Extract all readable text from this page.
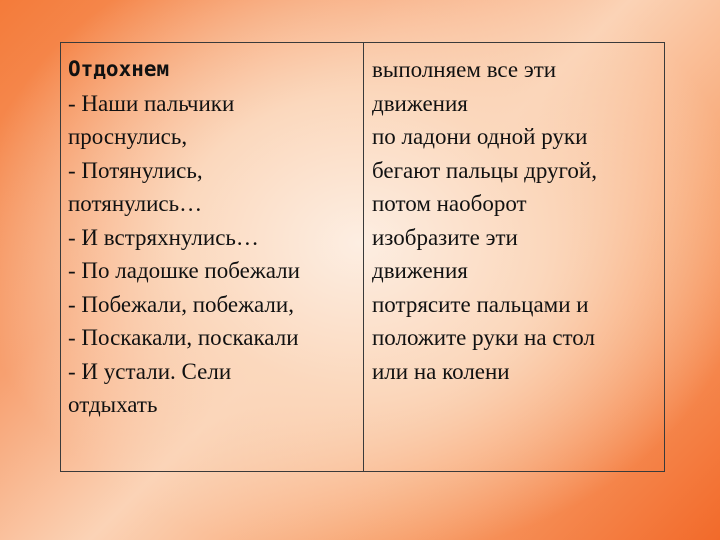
Отдохнем
- Наши пальчики
проснулись,
- Потянулись,
потянулись…
- И встряхнулись…
- По ладошке побежали
- Побежали, побежали,
- Поскакали, поскакали
- И устали. Сели
отдыхать
выполняем все эти
движения
по ладони одной руки
бегают пальцы другой,
потом наоборот
изобразите эти
движения
потрясите пальцами и
положите руки на стол
или на колени
